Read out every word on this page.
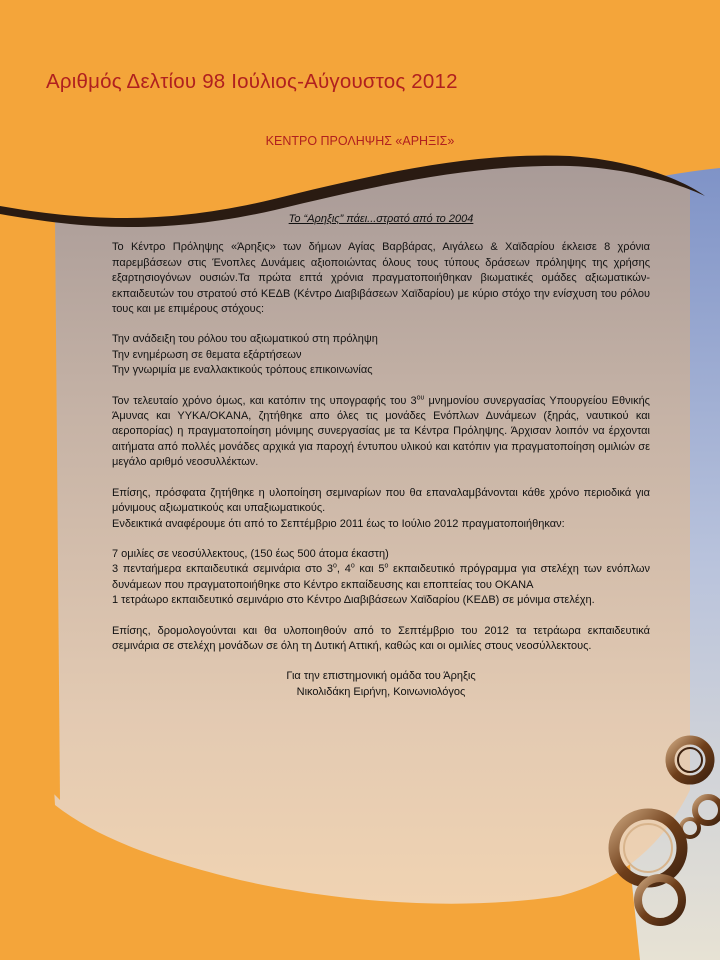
Αριθμός Δελτίου 98 Ιούλιος-Αύγουστος 2012
ΚΕΝΤΡΟ ΠΡΟΛΗΨΗΣ «ΑΡΗΞΙΣ»
Το “Αρηξις” πάει...στρατό από το 2004

Το Κέντρο Πρόληψης «Άρηξις» των δήμων Αγίας Βαρβάρας, Αιγάλεω & Χαϊδαρίου έκλεισε 8 χρόνια παρεμβάσεων στις Ένοπλες Δυνάμεις αξιοποιώντας όλους τους τύπους δράσεων πρόληψης της χρήσης εξαρτησιογόνων ουσιών.Τα πρώτα επτά χρόνια πραγματοποιήθηκαν βιωματικές ομάδες αξιωματικών-εκπαιδευτών του στρατού στό ΚΕΔΒ (Κέντρο Διαβιβάσεων Χαϊδαρίου) με κύριο στόχο την ενίσχυση του ρόλου τους και με επιμέρους στόχους:

Την ανάδειξη του ρόλου του αξιωματικού στη πρόληψη

Την ενημέρωση σε θεματα εξάρτήσεων

Την γνωριμία με εναλλακτικούς τρόπους επικοινωνίας

Τον τελευταίο χρόνο όμως, και κατόπιν της υπογραφής του $3^{o\upsilon}$ μνημονίου συνεργασίας Υπουργείου Εθνικής Άμυνας και ΥΥΚΑ/ΟΚΑΝΑ, ζητήθηκε απο όλες τις μονάδες Ενόπλων Δυνάμεων (ξηράς, ναυτικού και αεροπορίας) η πραγματοποίηση μόνιμης συνεργασίας με τα Κέντρα Πρόληψης. Άρχισαν λοιπόν να έρχονται αιτήματα από πολλές μονάδες αρχικά για παροχή έντυπου υλικού και κατόπιν για πραγματοποίηση ομιλιών σε μεγάλο αριθμό νεοσυλλέκτων.

Επίσης, πρόσφατα ζητήθηκε η υλοποίηση σεμιναρίων που θα επαναλαμβάνονται κάθε χρόνο περιοδικά για μόνιμους αξιωματικούς και υπαξιωματικούς.

Ενδεικτικά αναφέρουμε ότι από το Σεπτέμβριο 2011 έως το Ιούλιο 2012 πραγματοποιήθηκαν:

7 ομιλίες σε νεοσύλλεκτους, (150 έως 500 άτομα έκαστη)

3 πενταήμερα εκπαιδευτικά σεμινάρια στο $3^o$, $4^o$ και $5^o$ εκπαιδευτικό πρόγραμμα για στελέχη των ενόπλων δυνάμεων που πραγματοποιήθηκε στο Κέντρο εκπαίδευσης και εποπτείας του ΟΚΑΝΑ

1 τετράωρο εκπαιδευτικό σεμινάριο στο Κέντρο Διαβιβάσεων Χαϊδαρίου (ΚΕΔΒ) σε μόνιμα στελέχη.

Επίσης, δρομολογούνται και θα υλοποιηθούν από το Σεπτέμβριο του 2012 τα τετράωρα εκπαιδευτικά σεμινάρια σε στελέχη μονάδων σε όλη τη Δυτική Αττική, καθώς και οι ομιλίες στους νεοσύλλεκτους.

Για την επιστημονική ομάδα του Άρηξις

Νικολιδάκη Ειρήνη, Κοινωνιολόγος
